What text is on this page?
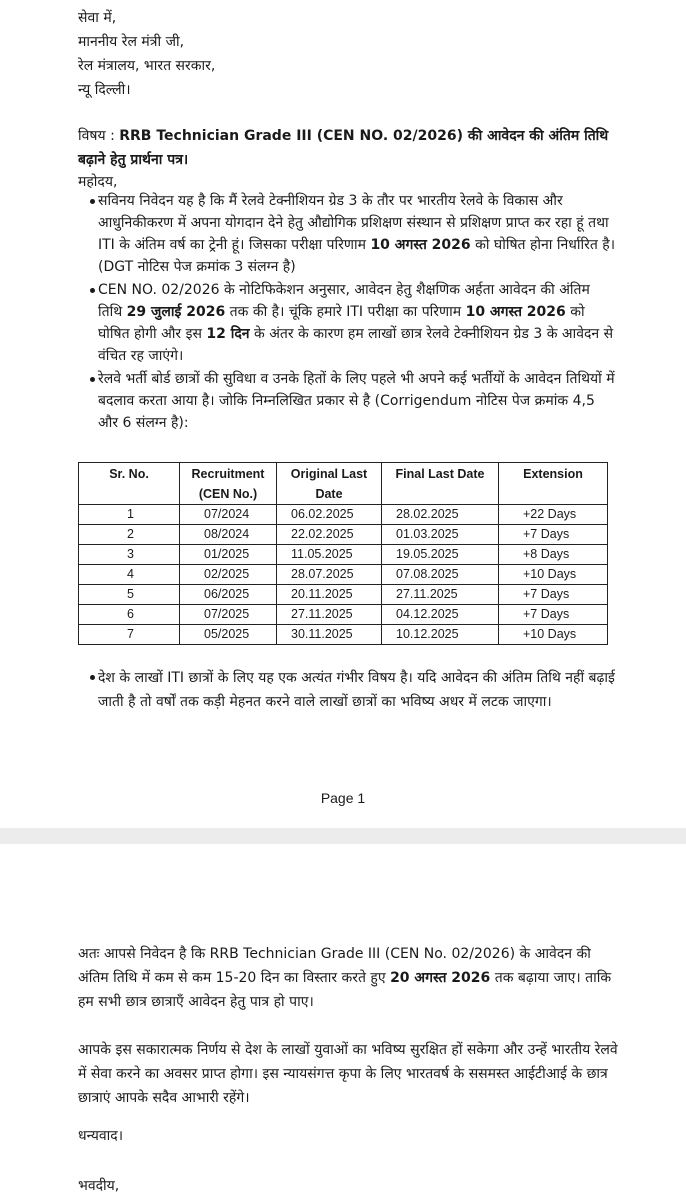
सेवा में,
माननीय रेल मंत्री जी,
रेल मंत्रालय, भारत सरकार,
न्यू दिल्ली।
विषय : RRB Technician Grade III (CEN NO. 02/2026) की आवेदन की अंतिम तिथि बढ़ाने हेतु प्रार्थना पत्र।
महोदय,
सविनय निवेदन यह है कि मैं रेलवे टेक्नीशियन ग्रेड 3 के तौर पर भारतीय रेलवे के विकास और आधुनिकीकरण में अपना योगदान देने हेतु औद्योगिक प्रशिक्षण संस्थान से प्रशिक्षण प्राप्त कर रहा हूं तथा ITI के अंतिम वर्ष का ट्रेनी हूं। जिसका परीक्षा परिणाम 10 अगस्त 2026 को घोषित होना निर्धारित है। (DGT नोटिस पेज क्रमांक 3 संलग्न है)
CEN NO. 02/2026 के नोटिफिकेशन अनुसार, आवेदन हेतु शैक्षणिक अर्हता आवेदन की अंतिम तिथि 29 जुलाई 2026 तक की है। चूंकि हमारे ITI परीक्षा का परिणाम 10 अगस्त 2026 को घोषित होगी और इस 12 दिन के अंतर के कारण हम लाखों छात्र रेलवे टेक्नीशियन ग्रेड 3 के आवेदन से वंचित रह जाएंगे।
रेलवे भर्ती बोर्ड छात्रों की सुविधा व उनके हितों के लिए पहले भी अपने कई भर्तीयों के आवेदन तिथियों में बदलाव करता आया है। जोकि निम्नलिखित प्रकार से है (Corrigendum नोटिस पेज क्रमांक 4,5 और 6 संलग्न है):
Sr. No.	Recruitment (CEN No.)	Original Last Date	Final Last Date	Extension
1	07/2024	06.02.2025	28.02.2025	+22 Days
2	08/2024	22.02.2025	01.03.2025	+7 Days
3	01/2025	11.05.2025	19.05.2025	+8 Days
4	02/2025	28.07.2025	07.08.2025	+10 Days
5	06/2025	20.11.2025	27.11.2025	+7 Days
6	07/2025	27.11.2025	04.12.2025	+7 Days
7	05/2025	30.11.2025	10.12.2025	+10 Days
देश के लाखों ITI छात्रों के लिए यह एक अत्यंत गंभीर विषय है। यदि आवेदन की अंतिम तिथि नहीं बढ़ाई जाती है तो वर्षों तक कड़ी मेहनत करने वाले लाखों छात्रों का भविष्य अधर में लटक जाएगा।
Page 1
अतः आपसे निवेदन है कि RRB Technician Grade III (CEN No. 02/2026) के आवेदन की अंतिम तिथि में कम से कम 15-20 दिन का विस्तार करते हुए 20 अगस्त 2026 तक बढ़ाया जाए। ताकि हम सभी छात्र छात्राएँ आवेदन हेतु पात्र हो पाए।
आपके इस सकारात्मक निर्णय से देश के लाखों युवाओं का भविष्य सुरक्षित हों सकेगा और उन्हें भारतीय रेलवे में सेवा करने का अवसर प्राप्त होगा। इस न्यायसंगत्त कृपा के लिए भारतवर्ष के ससमस्त आईटीआई के छात्र छात्राएं आपके सदैव आभारी रहेंगे।
धन्यवाद।
भवदीय,
